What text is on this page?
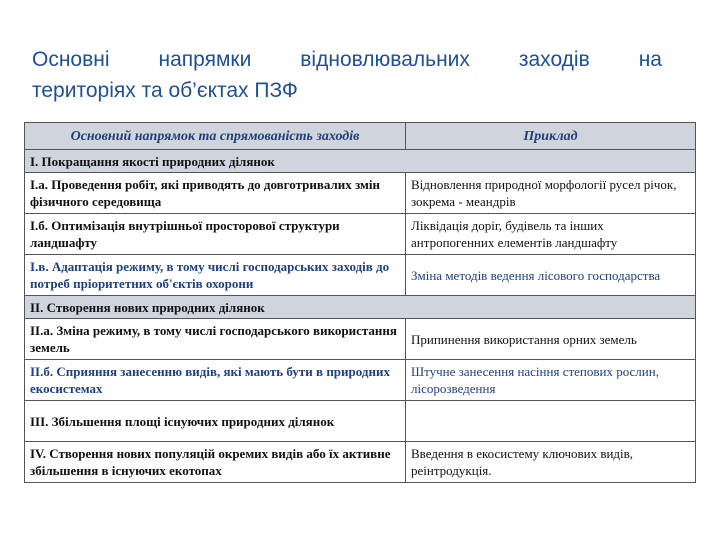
Основні напрямки відновлювальних заходів на
територіях та об’єктах ПЗФ
Основний напрямок та спрямованість заходів	Приклад
І. Покращання якості природних ділянок	
І.а. Проведення робіт, які приводять до довготривалих змін фізичного середовища	Відновлення природної морфології русел річок, зокрема - меандрів
І.б. Оптимізація внутрішньої просторової структури ландшафту	Ліквідація доріг, будівель та інших антропогенних елементів ландшафту
І.в. Адаптація режиму, в тому числі господарських заходів до потреб пріоритетних об'єктів охорони	Зміна методів ведення лісового господарства
ІІ. Створення нових природних ділянок	
ІІ.а. Зміна режиму, в тому числі господарського використання земель	Припинення використання орних земель
ІІ.б. Сприяння занесенню видів, які мають бути в природних екосистемах	Штучне занесення насіння степових рослин, лісорозведення
ІІІ. Збільшення площі існуючих природних ділянок	
ІV. Створення нових популяцій окремих видів або їх активне збільшення в існуючих екотопах	Введення в екосистему ключових видів, реінтродукція.
